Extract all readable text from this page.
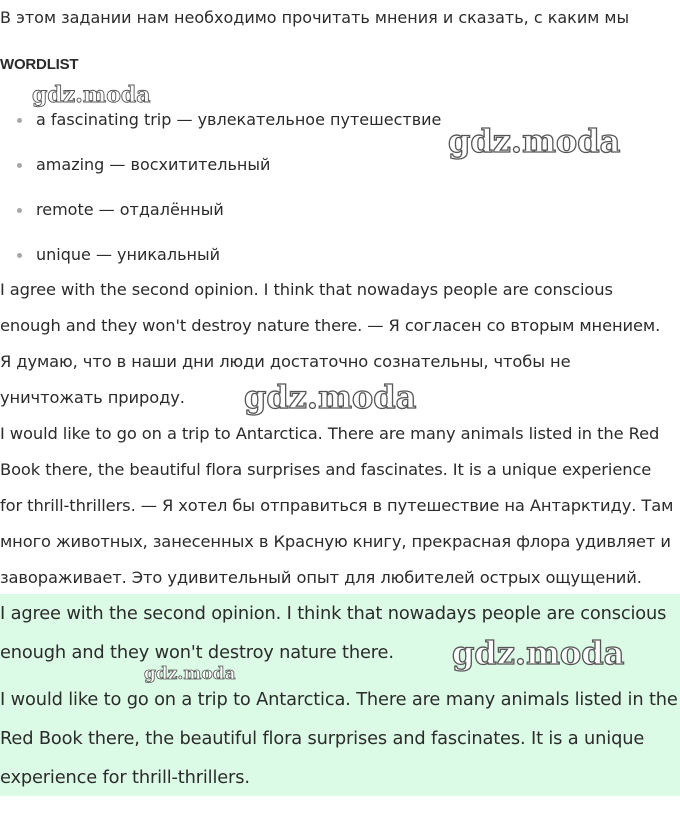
В этом задании нам необходимо прочитать мнения и сказать, с каким мы
WORDLIST
a fascinating trip — увлекательное путешествие
amazing — восхитительный
remote — отдалённый
unique — уникальный

I agree with the second opinion. I think that nowadays people are conscious enough and they won't destroy nature there. — Я согласен со вторым мнением. Я думаю, что в наши дни люди достаточно сознательны, чтобы не уничтожать природу.

I would like to go on a trip to Antarctica. There are many animals listed in the Red Book there, the beautiful flora surprises and fascinates. It is a unique experience for thrill-thrillers. — Я хотел бы отправиться в путешествие на Антарктиду. Там много животных, занесенных в Красную книгу, прекрасная флора удивляет и завораживает. Это удивительный опыт для любителей острых ощущений.

I agree with the second opinion. I think that nowadays people are conscious enough and they won't destroy nature there.

I would like to go on a trip to Antarctica. There are many animals listed in the Red Book there, the beautiful flora surprises and fascinates. It is a unique experience for thrill-thrillers.

gdz.moda
gdz.moda
gdz.moda
gdz.moda
gdz.moda
